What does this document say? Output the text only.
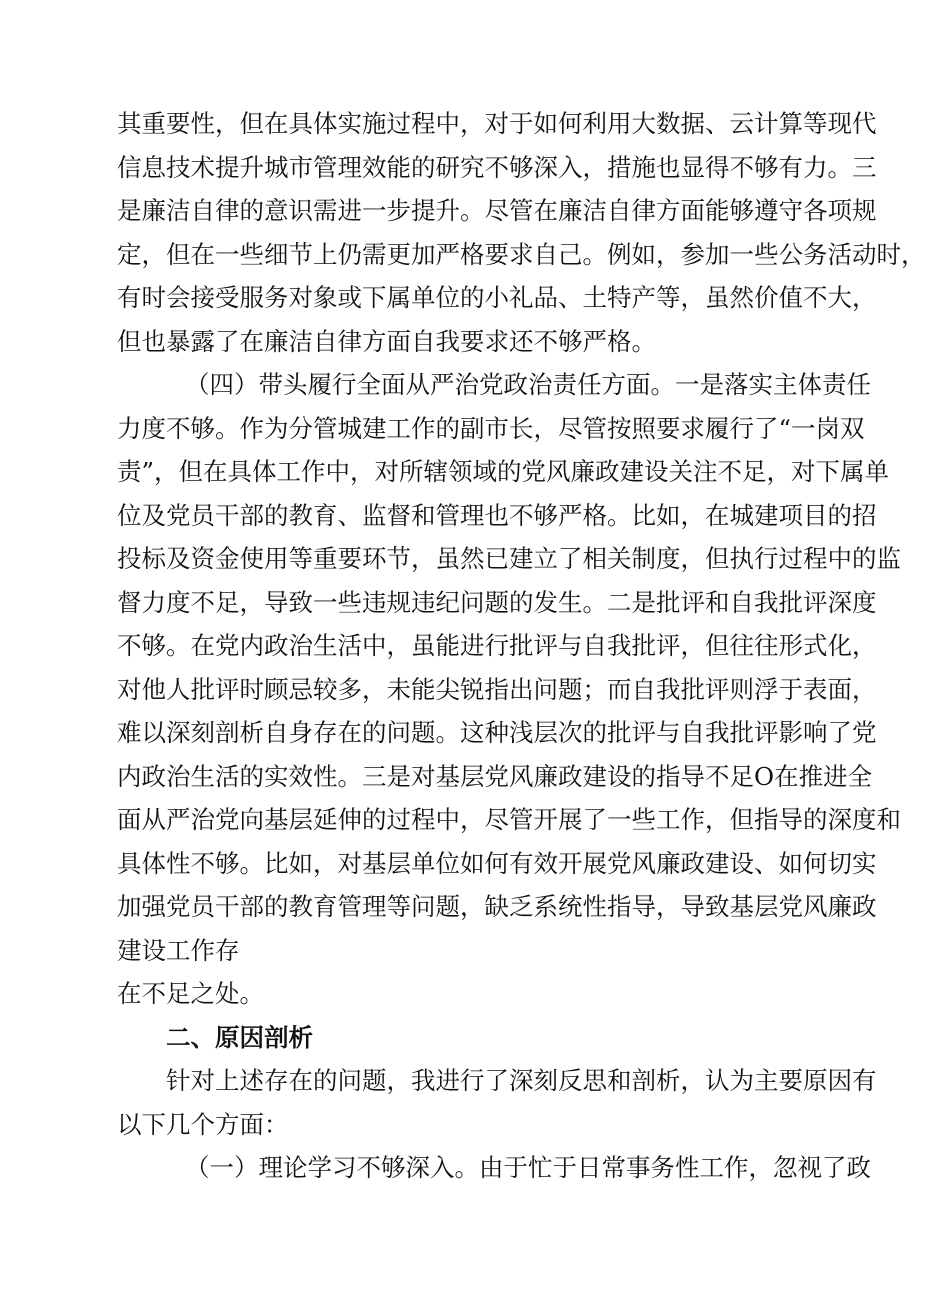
其重要性，但在具体实施过程中，对于如何利用大数据、云计算等现代
信息技术提升城市管理效能的研究不够深入，措施也显得不够有力。三
是廉洁自律的意识需进一步提升。尽管在廉洁自律方面能够遵守各项规
定，但在一些细节上仍需更加严格要求自己。例如，参加一些公务活动时，
有时会接受服务对象或下属单位的小礼品、土特产等，虽然价值不大，
但也暴露了在廉洁自律方面自我要求还不够严格。
（四）带头履行全面从严治党政治责任方面。一是落实主体责任
力度不够。作为分管城建工作的副市长，尽管按照要求履行了“一岗双
责”，但在具体工作中，对所辖领域的党风廉政建设关注不足，对下属单
位及党员干部的教育、监督和管理也不够严格。比如，在城建项目的招
投标及资金使用等重要环节，虽然已建立了相关制度，但执行过程中的监
督力度不足，导致一些违规违纪问题的发生。二是批评和自我批评深度
不够。在党内政治生活中，虽能进行批评与自我批评，但往往形式化，
对他人批评时顾忌较多，未能尖锐指出问题；而自我批评则浮于表面，
难以深刻剖析自身存在的问题。这种浅层次的批评与自我批评影响了党
内政治生活的实效性。三是对基层党风廉政建设的指导不足O在推进全
面从严治党向基层延伸的过程中，尽管开展了一些工作，但指导的深度和
具体性不够。比如，对基层单位如何有效开展党风廉政建设、如何切实
加强党员干部的教育管理等问题，缺乏系统性指导，导致基层党风廉政
建设工作存
在不足之处。
二、原因剖析
针对上述存在的问题，我进行了深刻反思和剖析，认为主要原因有
以下几个方面：
（一）理论学习不够深入。由于忙于日常事务性工作，忽视了政
